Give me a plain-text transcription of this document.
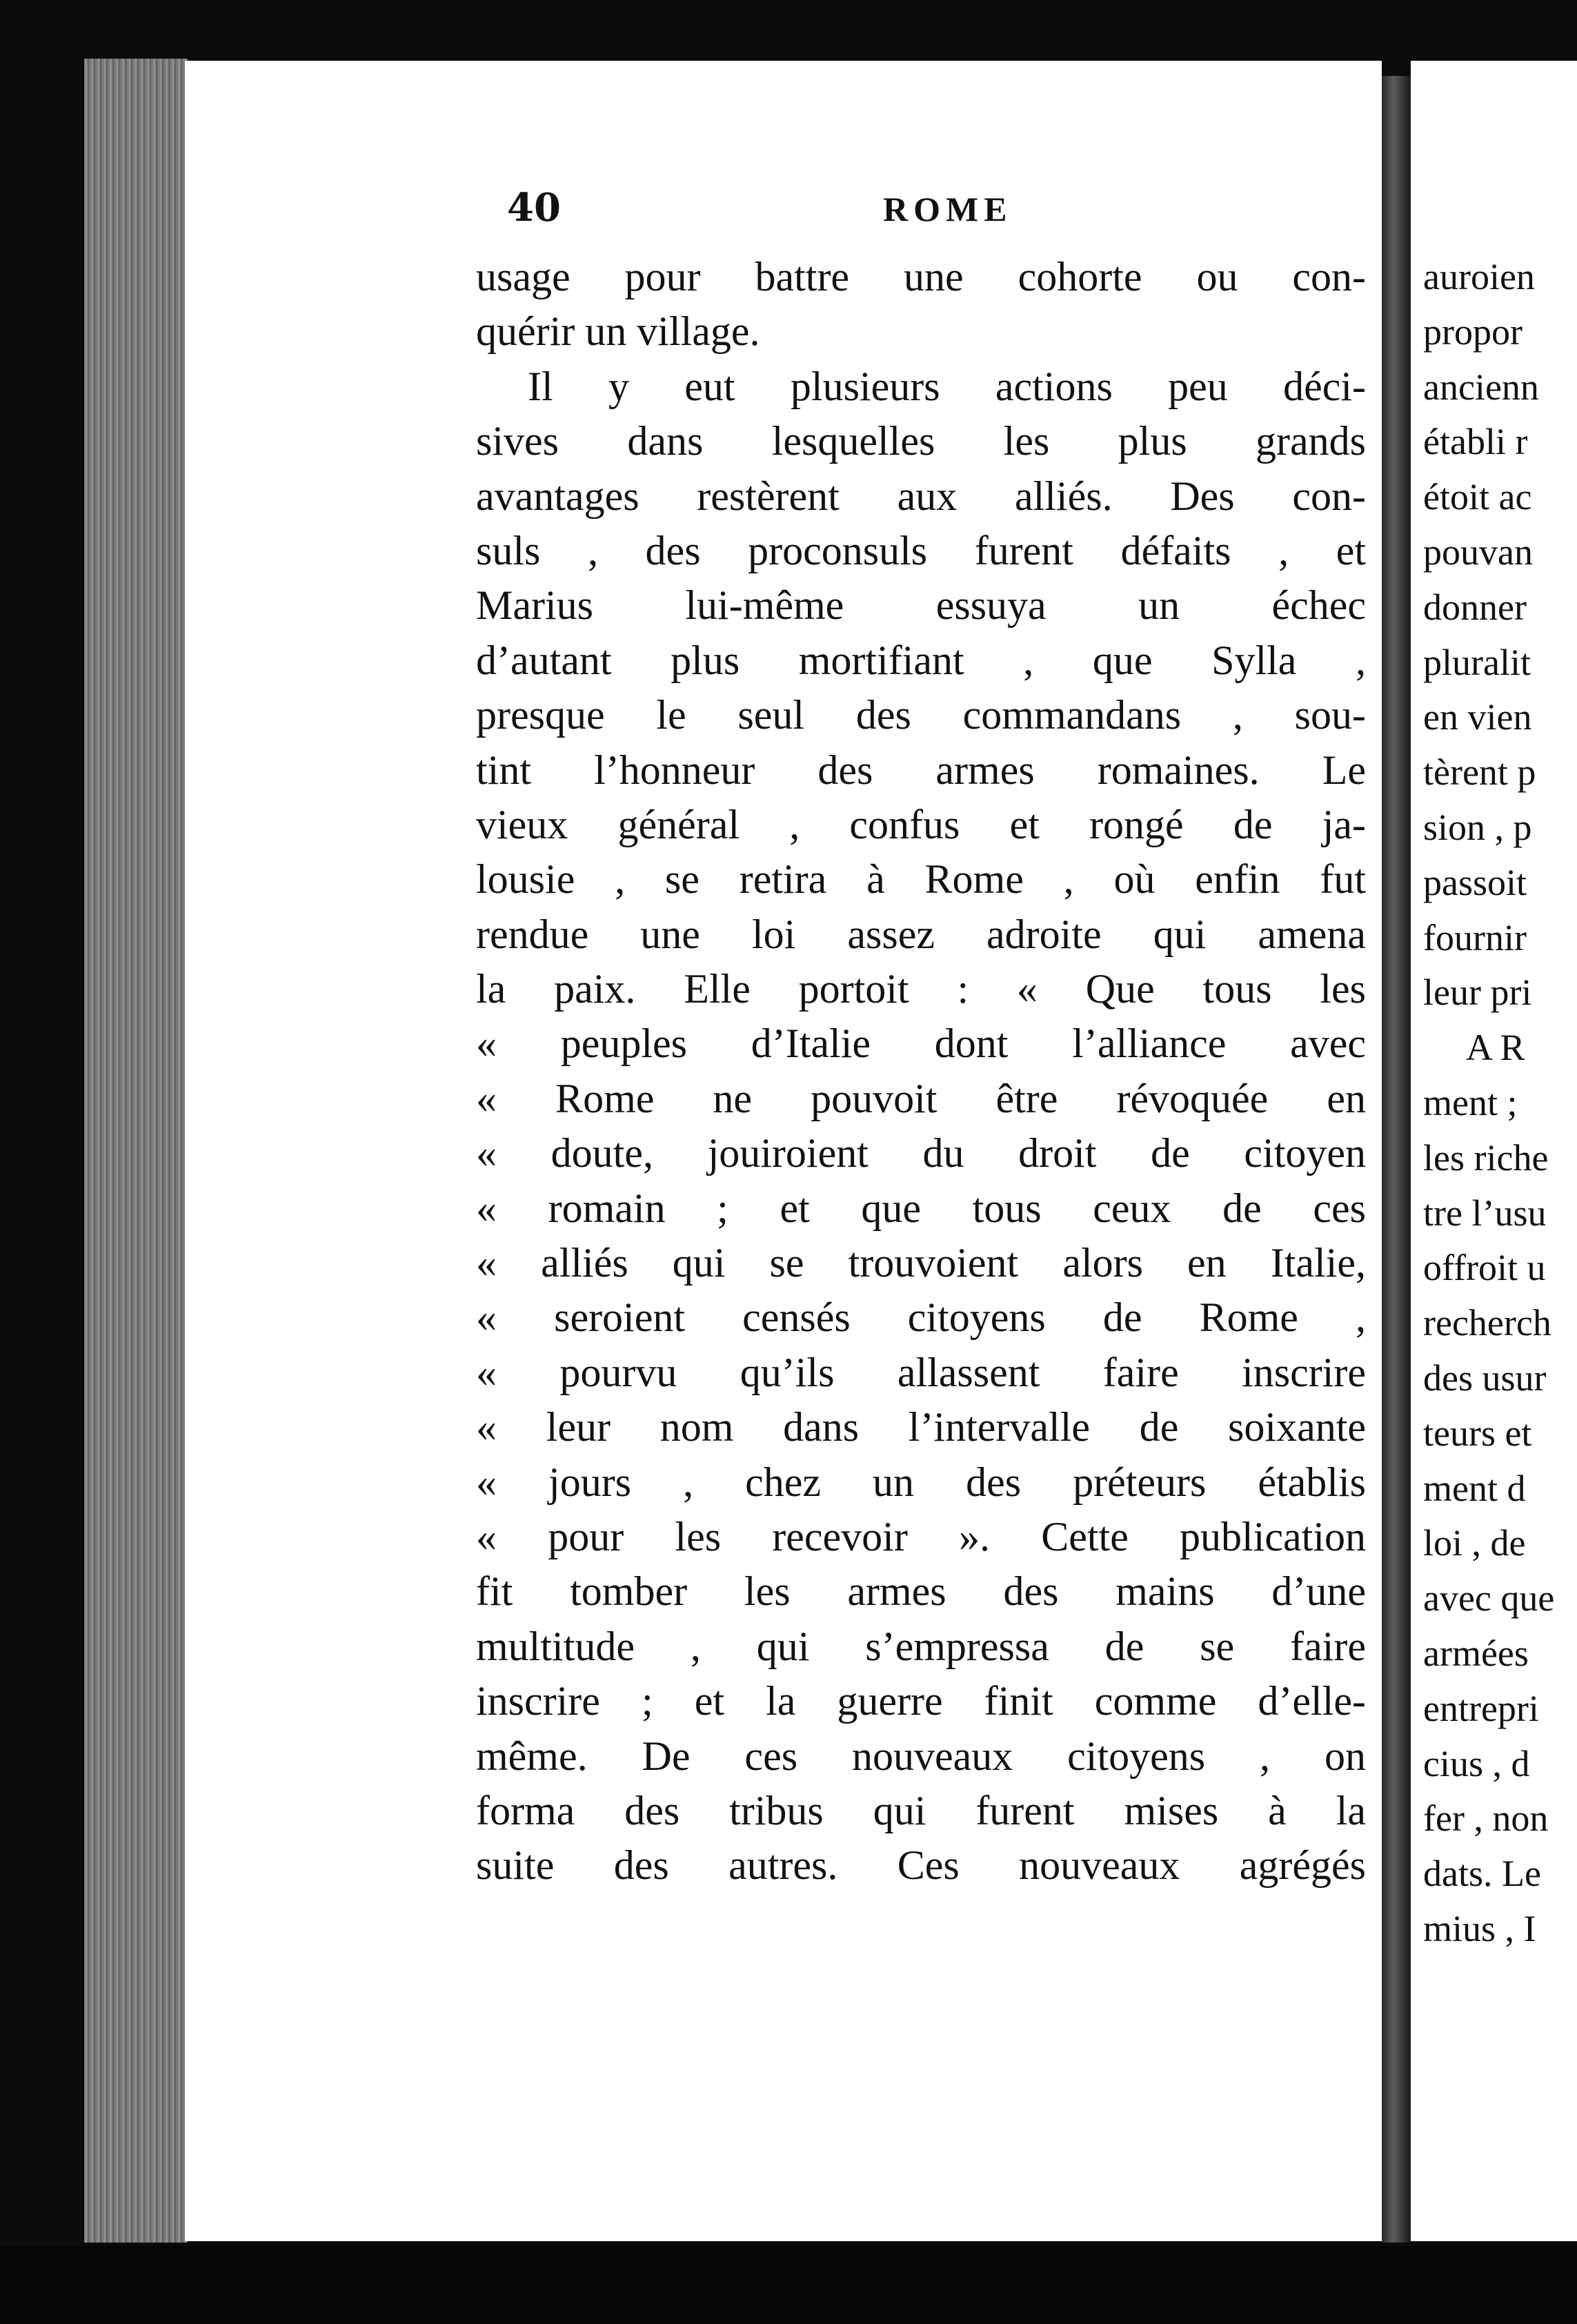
40	ROME
usage pour battre une cohorte ou con-
quérir un village.
Il y eut plusieurs actions peu déci-
sives dans lesquelles les plus grands
avantages restèrent aux alliés. Des con-
suls , des proconsuls furent défaits , et
Marius lui-même essuya un échec
d’autant plus mortifiant , que Sylla ,
presque le seul des commandans , sou-
tint l’honneur des armes romaines. Le
vieux général , confus et rongé de ja-
lousie , se retira à Rome , où enfin fut
rendue une loi assez adroite qui amena
la paix. Elle portoit : « Que tous les
« peuples d’Italie dont l’alliance avec
« Rome ne pouvoit être révoquée en
« doute, jouiroient du droit de citoyen
« romain ; et que tous ceux de ces
« alliés qui se trouvoient alors en Italie,
« seroient censés citoyens de Rome ,
« pourvu qu’ils allassent faire inscrire
« leur nom dans l’intervalle de soixante
« jours , chez un des préteurs établis
« pour les recevoir ». Cette publication
fit tomber les armes des mains d’une
multitude , qui s’empressa de se faire
inscrire ; et la guerre finit comme d’elle-
même. De ces nouveaux citoyens , on
forma des tribus qui furent mises à la
suite des autres. Ces nouveaux agrégés
auroien
propor
ancienn
établi r
étoit ac
pouvan
donner
pluralit
en vien
tèrent p
sion , p
passoit
fournir
leur pri
A R
ment ;
les riche
tre l’usu
offroit u
recherch
des usur
teurs et
ment d
loi , de
avec que
armées
entrepri
cius , d
fer , non
dats. Le
mius , I
